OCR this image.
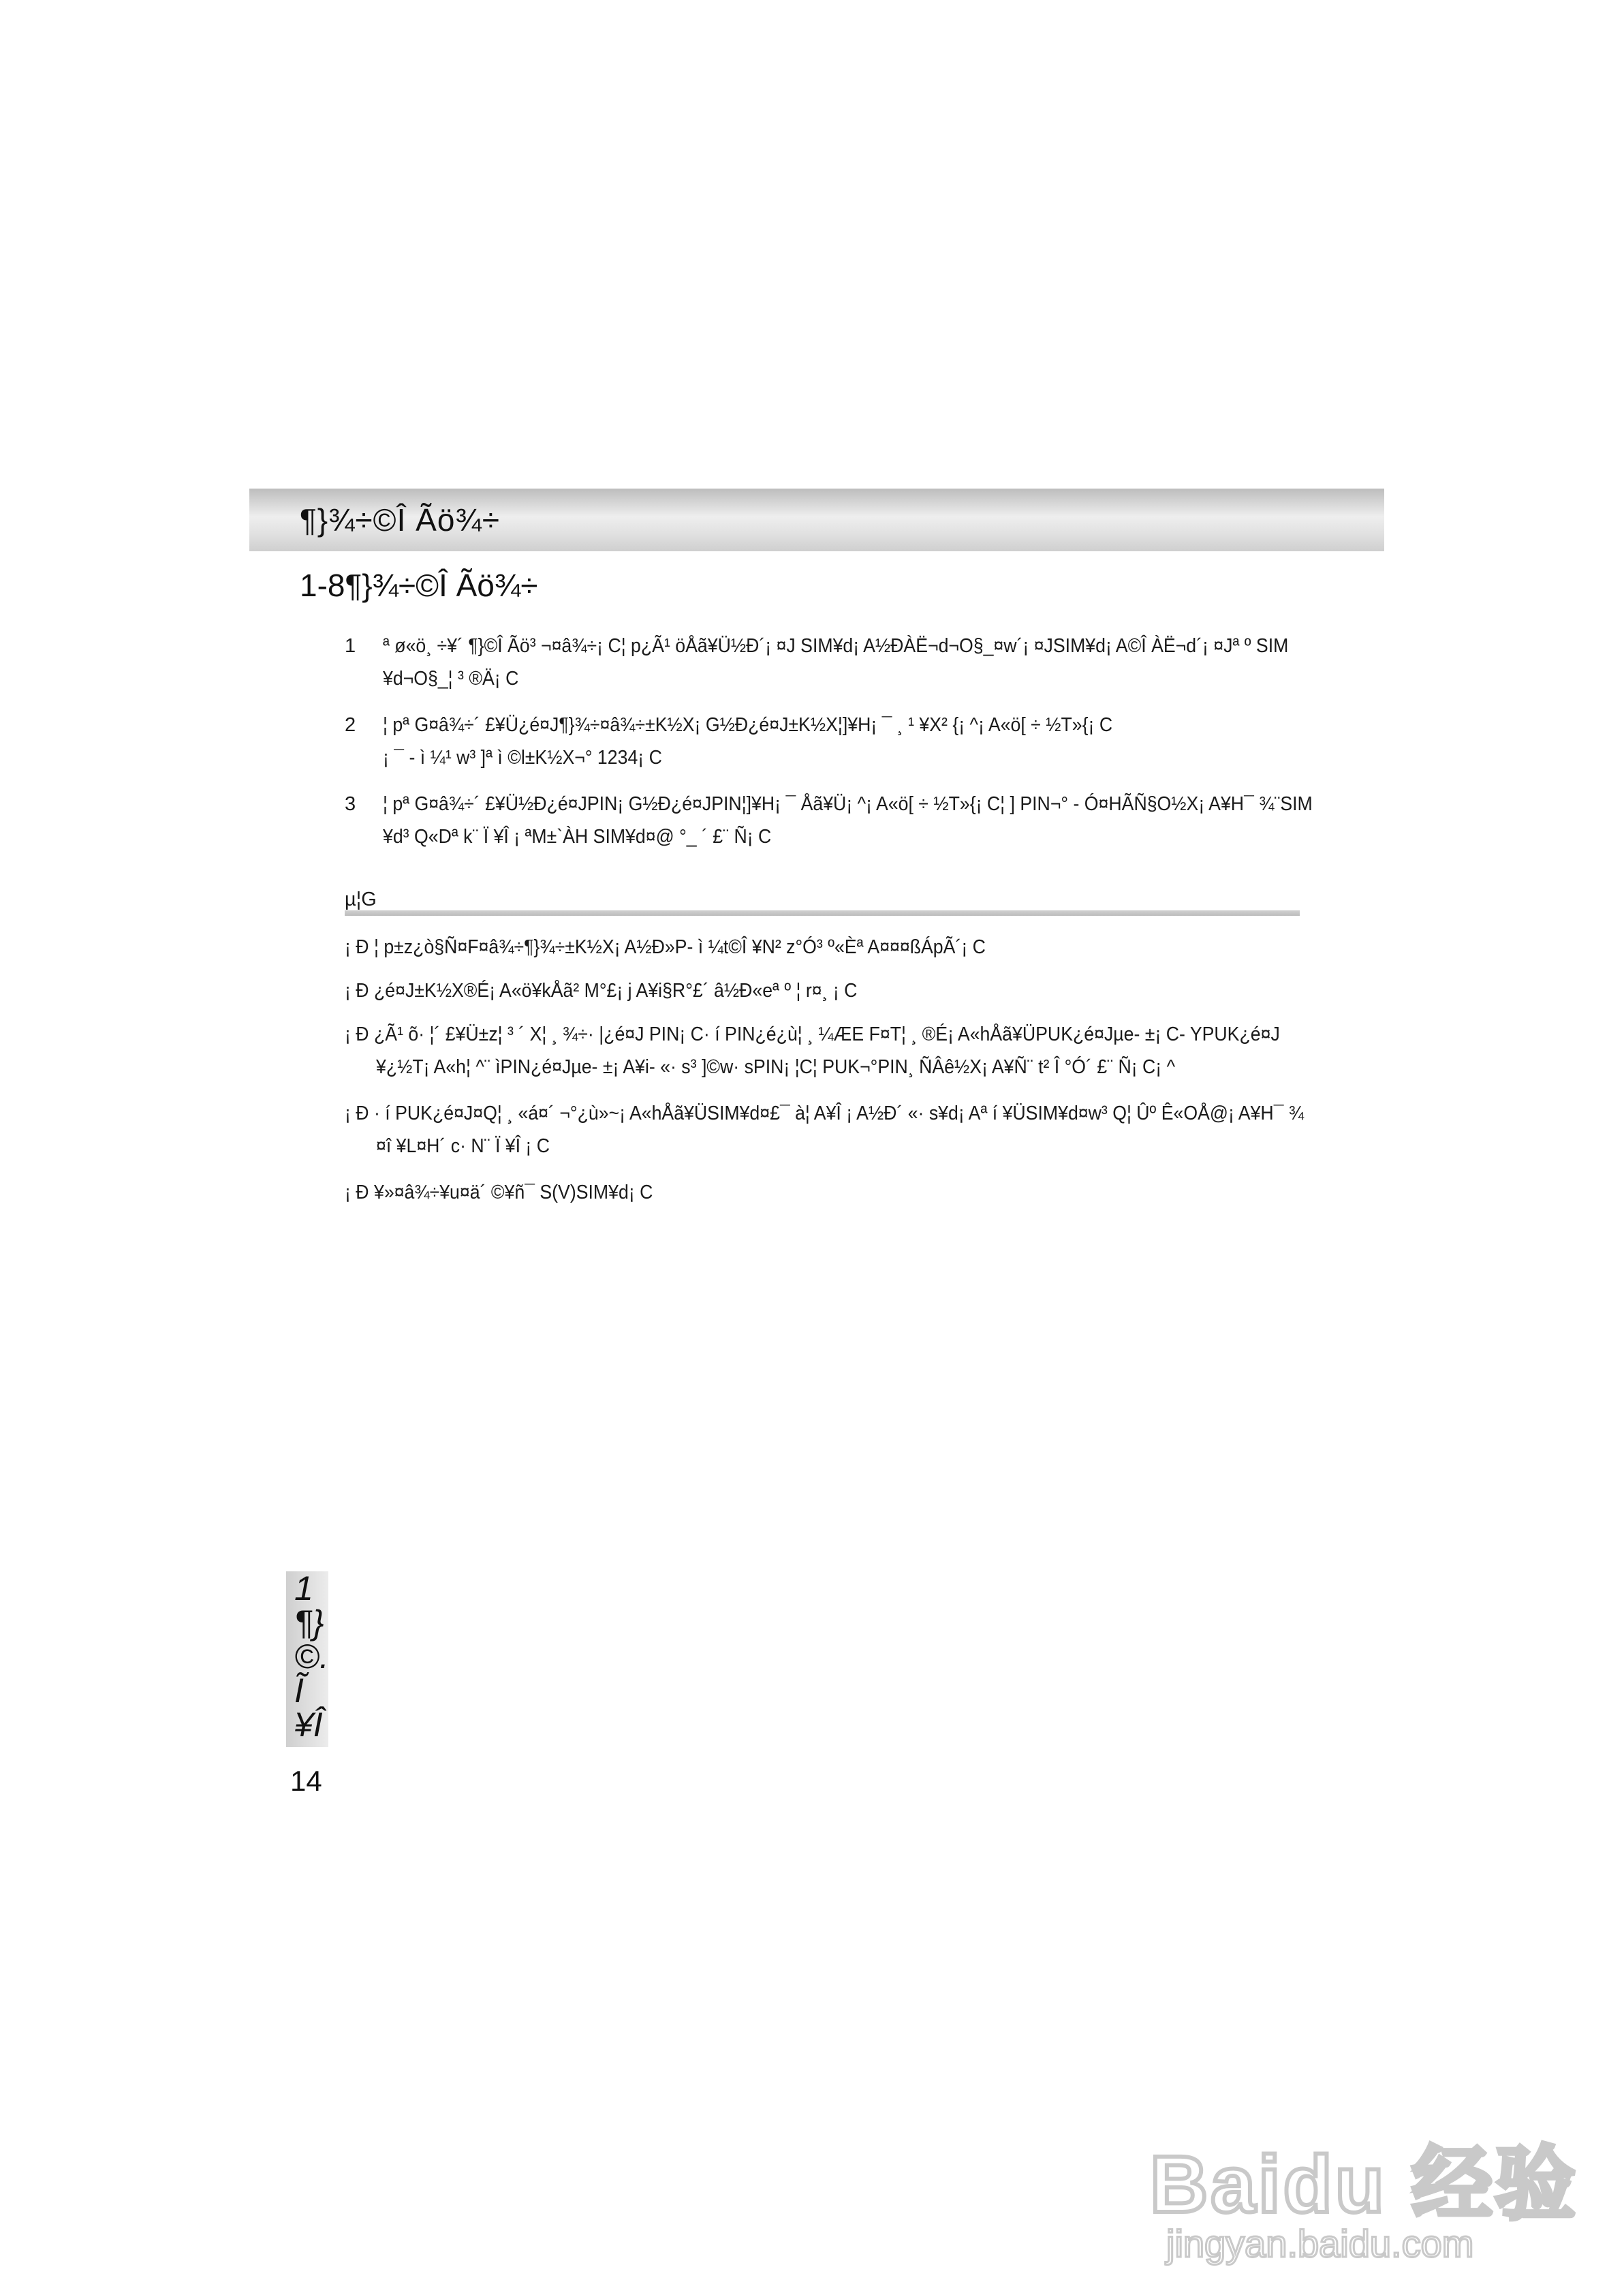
¶}¾÷©Î Ãö¾÷
1-8¶}¾÷©Î Ãö¾÷
1 ª ø«ö¸ ÷¥´ ¶}©Î Ãö³ ¬¤â¾÷¡ C¦ p¿Ã¹ öÅã¥Ü½Ð´¡ ¤J SIM¥d¡ A½ÐÀË¬d¬O§_¤w´¡ ¤JSIM¥d¡ A©Î ÀË¬d´¡ ¤Jª º SIM
¥d¬O§_¦ ³ ®Ä¡ C
2 ¦ pª G¤â¾÷´ £¥Ü¿é¤J¶}¾÷¤â¾÷±K½X¡ G½Ð¿é¤J±K½X¦]¥H¡ ¯ ¸ ¹ ¥X² {¡ ^¡ A«ö[ ÷ ½T»{¡ C
¡ ¯ - ì ¼¹ w³ ]ª ì ©l±K½X¬° 1234¡ C
3 ¦ pª G¤â¾÷´ £¥Ü½Ð¿é¤JPIN¡ G½Ð¿é¤JPIN¦]¥H¡ ¯ Åã¥Ü¡ ^¡ A«ö[ ÷ ½T»{¡ C¦ ] PIN¬° - Ó¤HÃÑ§O½X¡ A¥H¯ ¾¨SIM
¥d³ Q«Dª k¨ Ï ¥Î ¡ ªM±`ÀH SIM¥d¤@ °_ ´ £¨ Ñ¡ C
µ¦G
¡ Ð ¦ p±z¿ò§Ñ¤F¤â¾÷¶}¾÷±K½X¡ A½Ð»P- ì ¼t©Î ¥N² z°Ó³ º«Èª A¤¤¤ßÁpÃ´¡ C
¡ Ð ¿é¤J±K½X®É¡ A«ö¥kÅã² M°£¡ j A¥i§R°£´ â½Ð«eª º ¦ r¤¸ ¡ C
¡ Ð ¿Ã¹ õ· ¦´ £¥Ü±z¦ ³ ´ X¦ ¸ ¾÷· |¿é¤J PIN¡ C· í PIN¿é¿ù¦ ¸ ¼ÆE F¤T¦ ¸ ®É¡ A«hÅã¥ÜPUK¿é¤Jµe- ±¡ C- YPUK¿é¤J
¥¿½T¡ A«h¦ ^¨ ìPIN¿é¤Jµe- ±¡ A¥i- «· s³ ]©w· sPIN¡ ¦C¦ PUK¬°PIN¸ ÑÂê½X¡ A¥Ñ¨ t² Î °Ó´ £¨ Ñ¡ C¡ ^
¡ Ð · í PUK¿é¤J¤Q¦ ¸ «á¤´ ¬°¿ù»~¡ A«hÅã¥ÜSIM¥d¤£¯ à¦ A¥Î ¡ A½Ð´ «· s¥d¡ Aª í ¥ÜSIM¥d¤w³ Q¦ Ûº Ê«OÅ@¡ A¥H¯ ¾
¤î ¥L¤H´ c· N¨ Ï ¥Î ¡ C
¡ Ð ¥»¤â¾÷¥u¤ä´ ©¥ñ¯ S(V)SIM¥d¡ C
1
¶}
©.
Ĩ
¥Î
14
Baidu 经验
jingyan.baidu.com
